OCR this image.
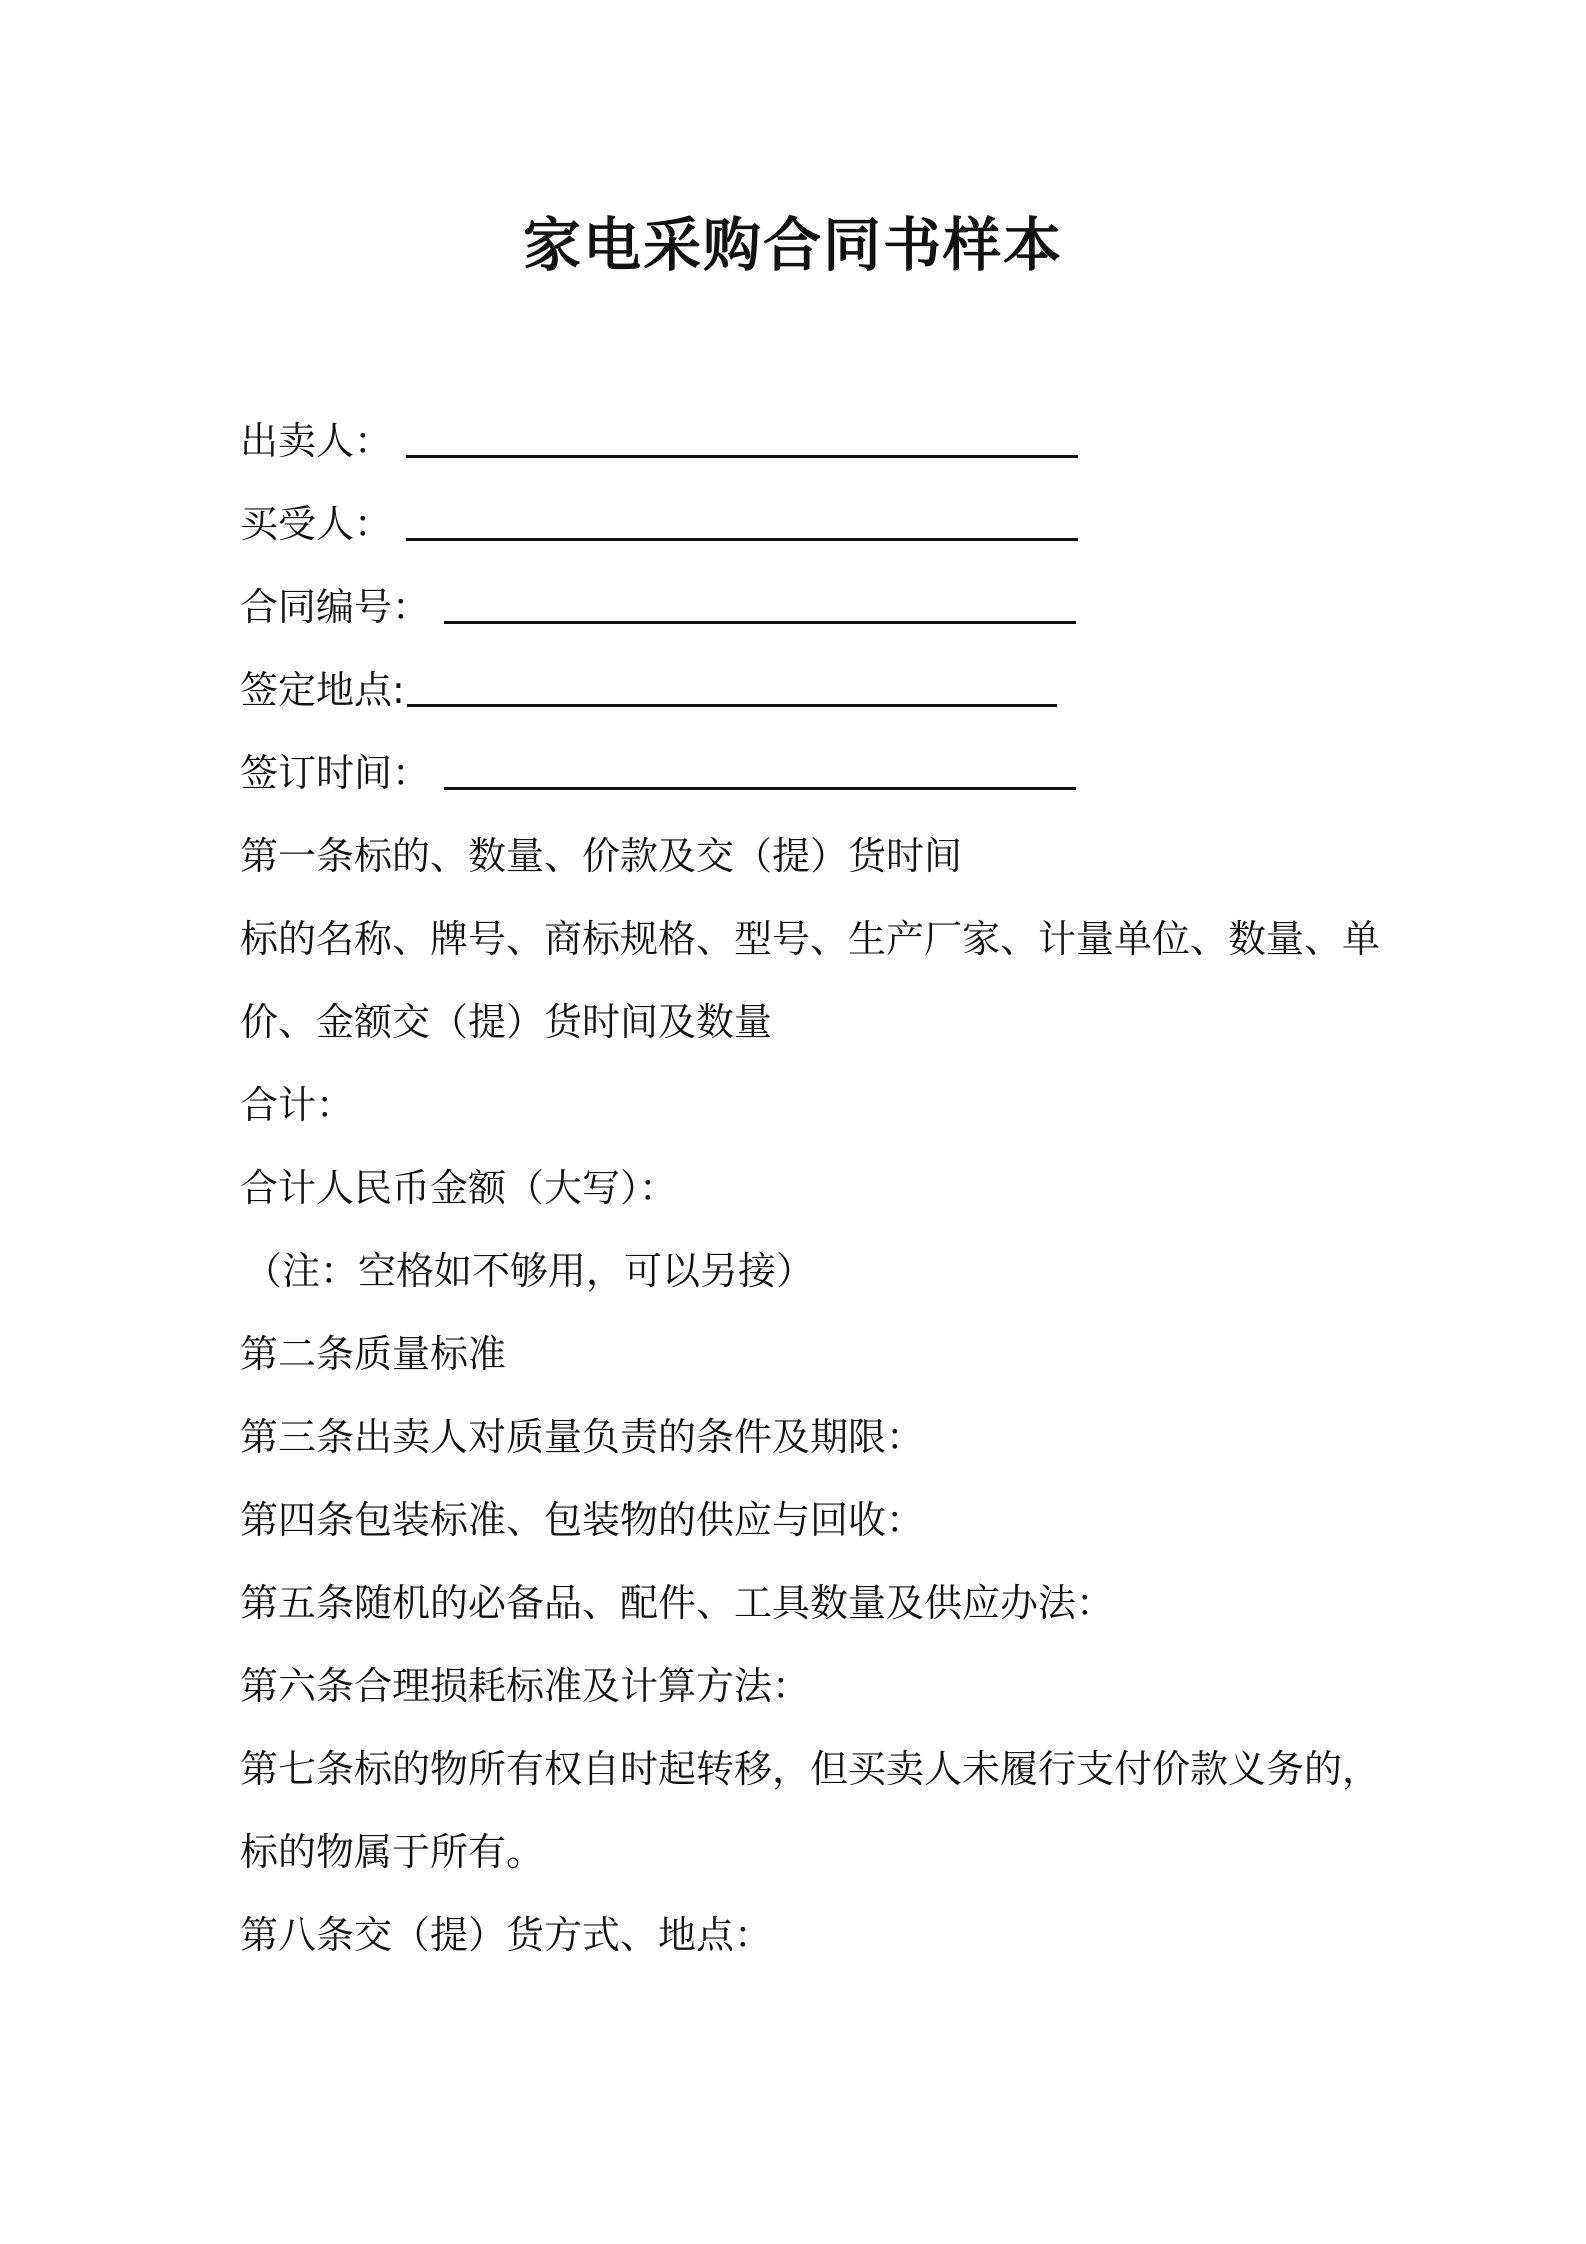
家电采购合同书样本
出卖人：
买受人：
合同编号：
签定地点:
签订时间：
第一条标的、数量、价款及交（提）货时间
标的名称、牌号、商标规格、型号、生产厂家、计量单位、数量、单
价、金额交（提）货时间及数量
合计：
合计人民币金额（大写）：
（注：空格如不够用，可以另接）
第二条质量标准
第三条出卖人对质量负责的条件及期限：
第四条包装标准、包装物的供应与回收：
第五条随机的必备品、配件、工具数量及供应办法：
第六条合理损耗标准及计算方法：
第七条标的物所有权自时起转移，但买卖人未履行支付价款义务的，
标的物属于所有。
第八条交（提）货方式、地点：
